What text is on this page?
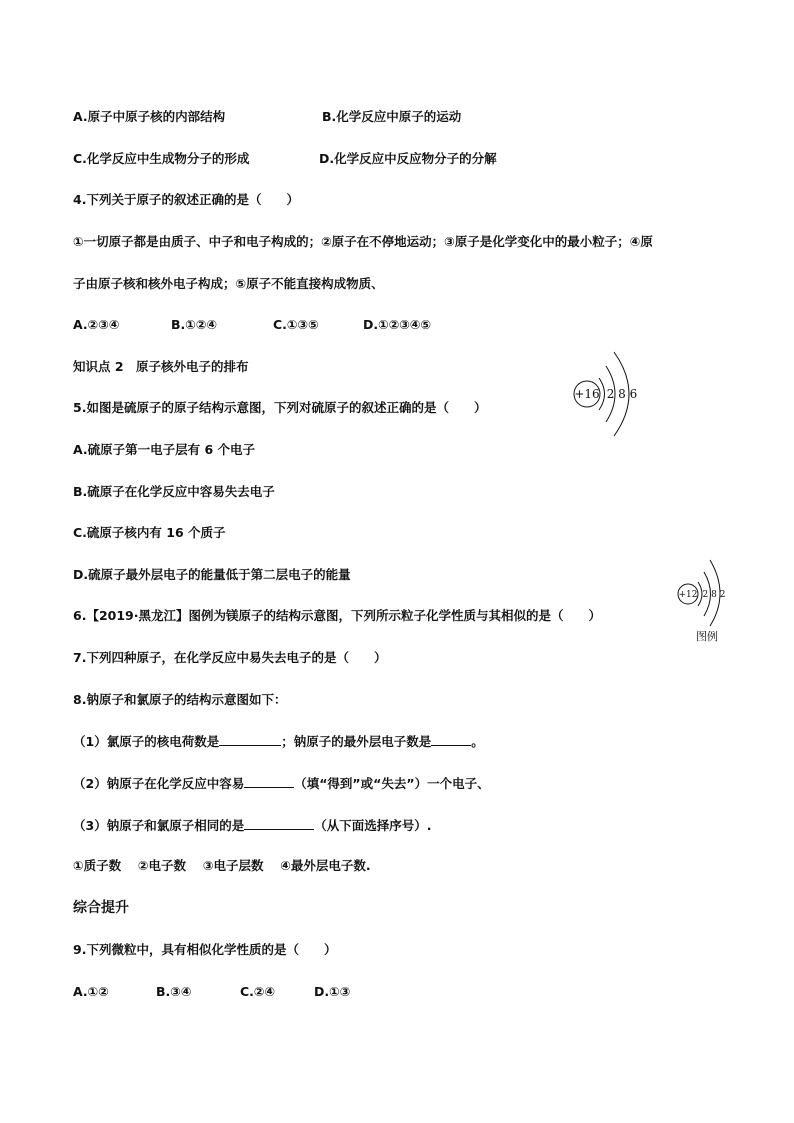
A.原子中原子核的内部结构	B.化学反应中原子的运动
C.化学反应中生成物分子的形成	D.化学反应中反应物分子的分解
4.下列关于原子的叙述正确的是（　　）
①一切原子都是由质子、中子和电子构成的；②原子在不停地运动；③原子是化学变化中的最小粒子；④原
子由原子核和核外电子构成；⑤原子不能直接构成物质、
A.②③④	B.①②④	C.①③⑤	D.①②③④⑤
知识点 2　原子核外电子的排布
5.如图是硫原子的原子结构示意图，下列对硫原子的叙述正确的是（　　）
A.硫原子第一电子层有 6 个电子
B.硫原子在化学反应中容易失去电子
C.硫原子核内有 16 个质子
D.硫原子最外层电子的能量低于第二层电子的能量
+16 2 8 6
6.【2019·黑龙江】图例为镁原子的结构示意图，下列所示粒子化学性质与其相似的是（　　）
+12 2 8 2
图例
7.下列四种原子，在化学反应中易失去电子的是（　　）
8.钠原子和氯原子的结构示意图如下：
（1）氯原子的核电荷数是	；钠原子的最外层电子数是	。
（2）钠原子在化学反应中容易	（填“得到”或“失去”）一个电子、
（3）钠原子和氯原子相同的是	（从下面选择序号）.
①质子数　 ②电子数　 ③电子层数　 ④最外层电子数.
综合提升
9.下列微粒中，具有相似化学性质的是（　　）
A.①②	B.③④	C.②④	D.①③
